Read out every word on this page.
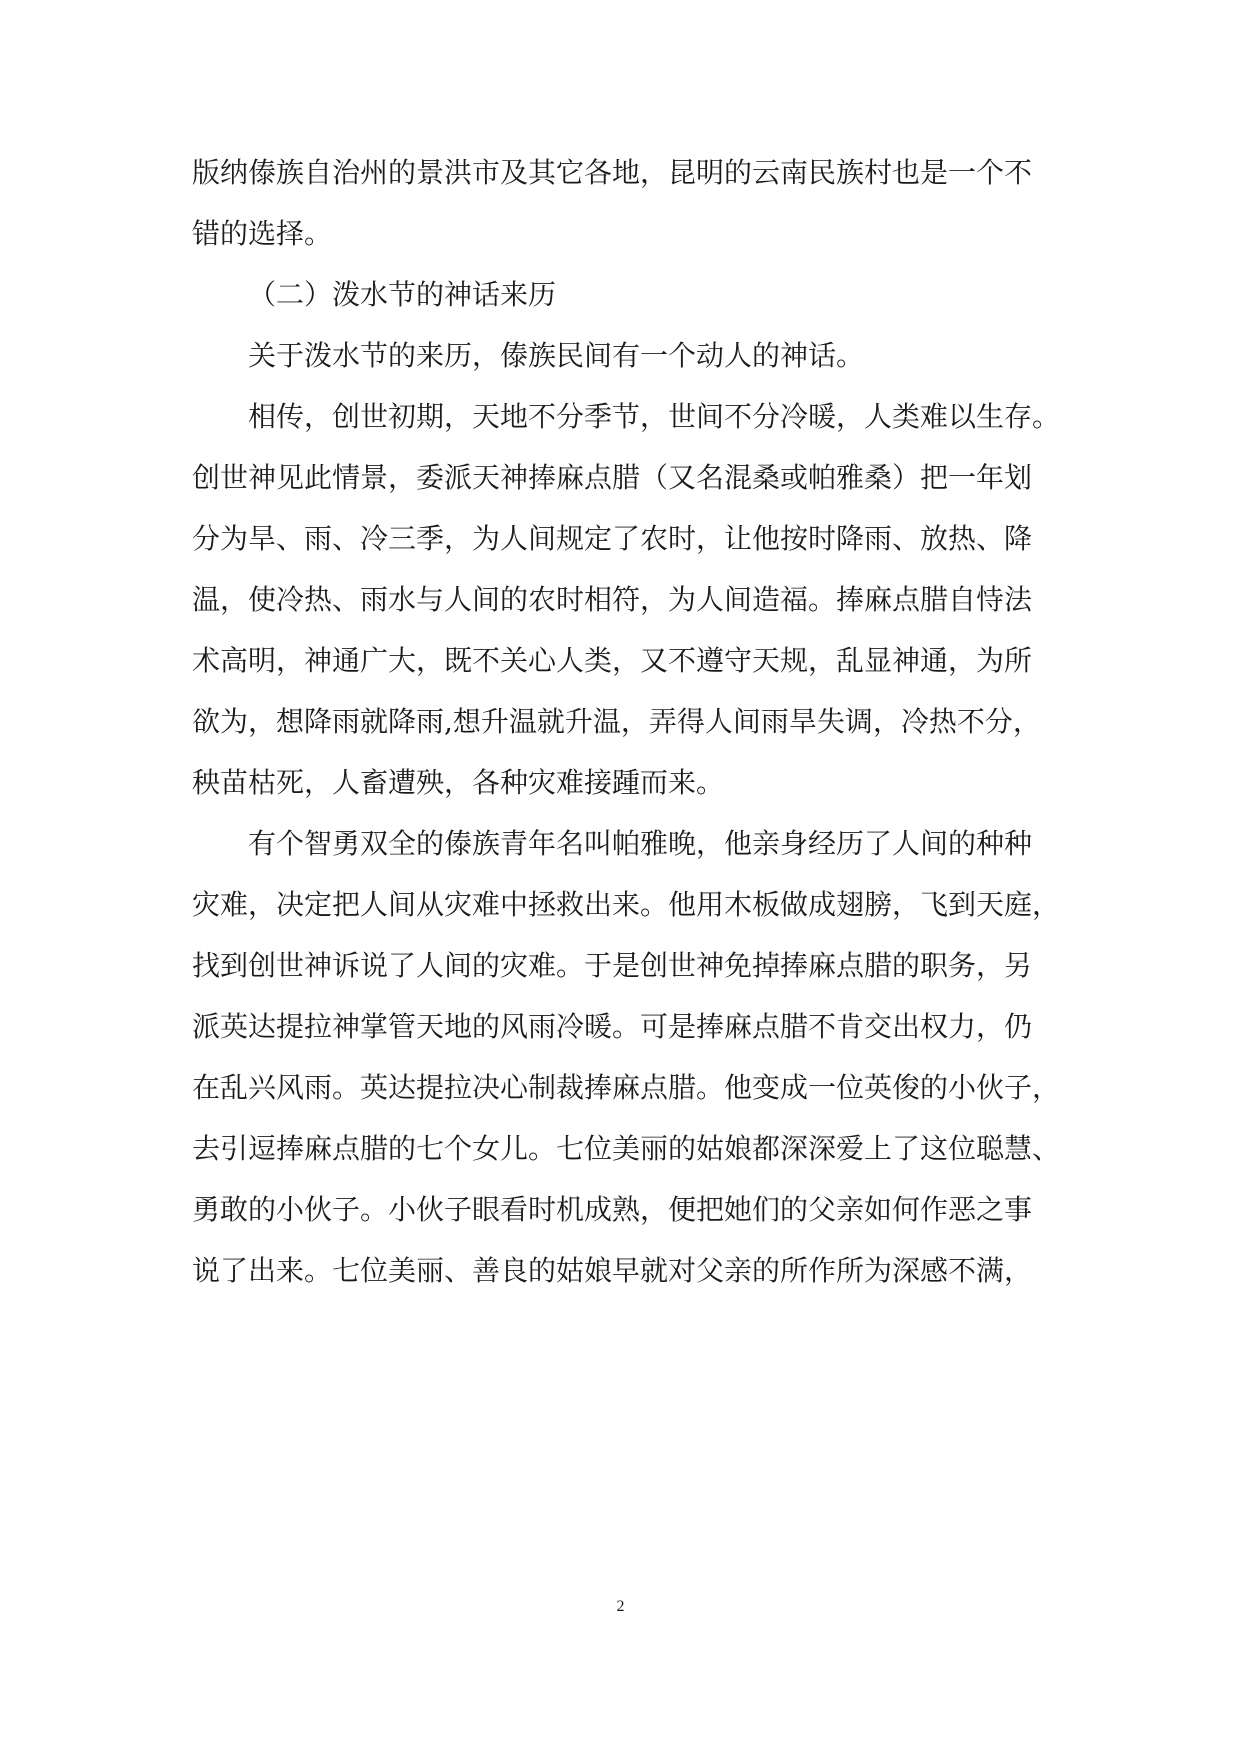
版纳傣族自治州的景洪市及其它各地，昆明的云南民族村也是一个不
错的选择。
（二）泼水节的神话来历
关于泼水节的来历，傣族民间有一个动人的神话。
相传，创世初期，天地不分季节，世间不分冷暖，人类难以生存。
创世神见此情景，委派天神捧麻点腊（又名混桑或帕雅桑）把一年划
分为旱、雨、冷三季，为人间规定了农时，让他按时降雨、放热、降
温，使冷热、雨水与人间的农时相符，为人间造福。捧麻点腊自恃法
术高明，神通广大，既不关心人类，又不遵守天规，乱显神通，为所
欲为，想降雨就降雨,想升温就升温，弄得人间雨旱失调，冷热不分，
秧苗枯死，人畜遭殃，各种灾难接踵而来。
有个智勇双全的傣族青年名叫帕雅晚，他亲身经历了人间的种种
灾难，决定把人间从灾难中拯救出来。他用木板做成翅膀，飞到天庭，
找到创世神诉说了人间的灾难。于是创世神免掉捧麻点腊的职务，另
派英达提拉神掌管天地的风雨冷暖。可是捧麻点腊不肯交出权力，仍
在乱兴风雨。英达提拉决心制裁捧麻点腊。他变成一位英俊的小伙子，
去引逗捧麻点腊的七个女儿。七位美丽的姑娘都深深爱上了这位聪慧、
勇敢的小伙子。小伙子眼看时机成熟，便把她们的父亲如何作恶之事
说了出来。七位美丽、善良的姑娘早就对父亲的所作所为深感不满，
2
